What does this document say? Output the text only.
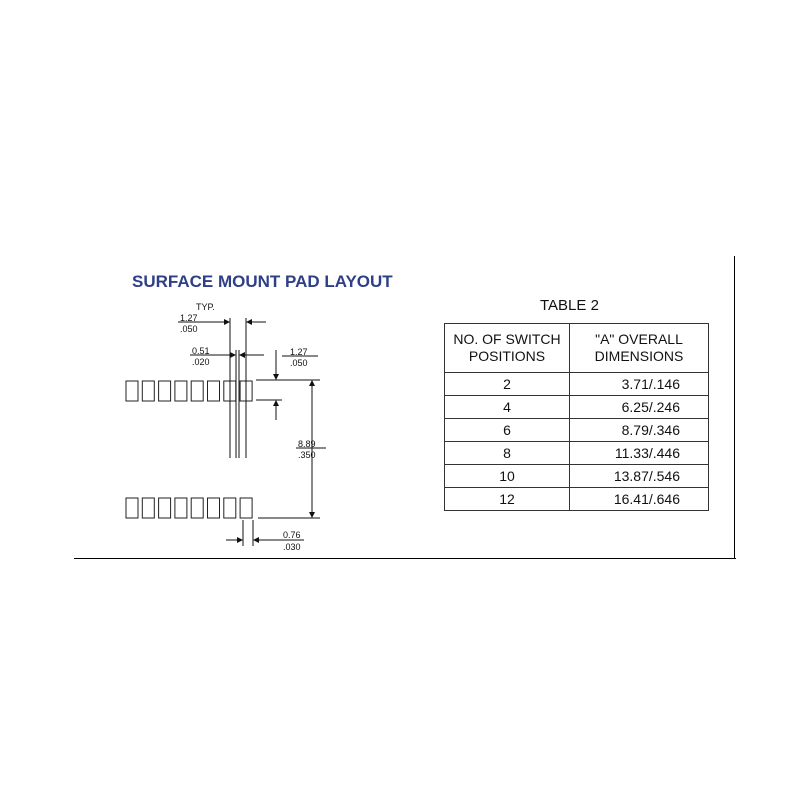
SURFACE MOUNT PAD LAYOUT
TYP.
1.27
.050
0.51
.020
1.27
.050
8.89
.350
0.76
.030
TABLE 2
NO. OF SWITCH POSITIONS	"A" OVERALL DIMENSIONS
2	3.71/.146
4	6.25/.246
6	8.79/.346
8	11.33/.446
10	13.87/.546
12	16.41/.646
